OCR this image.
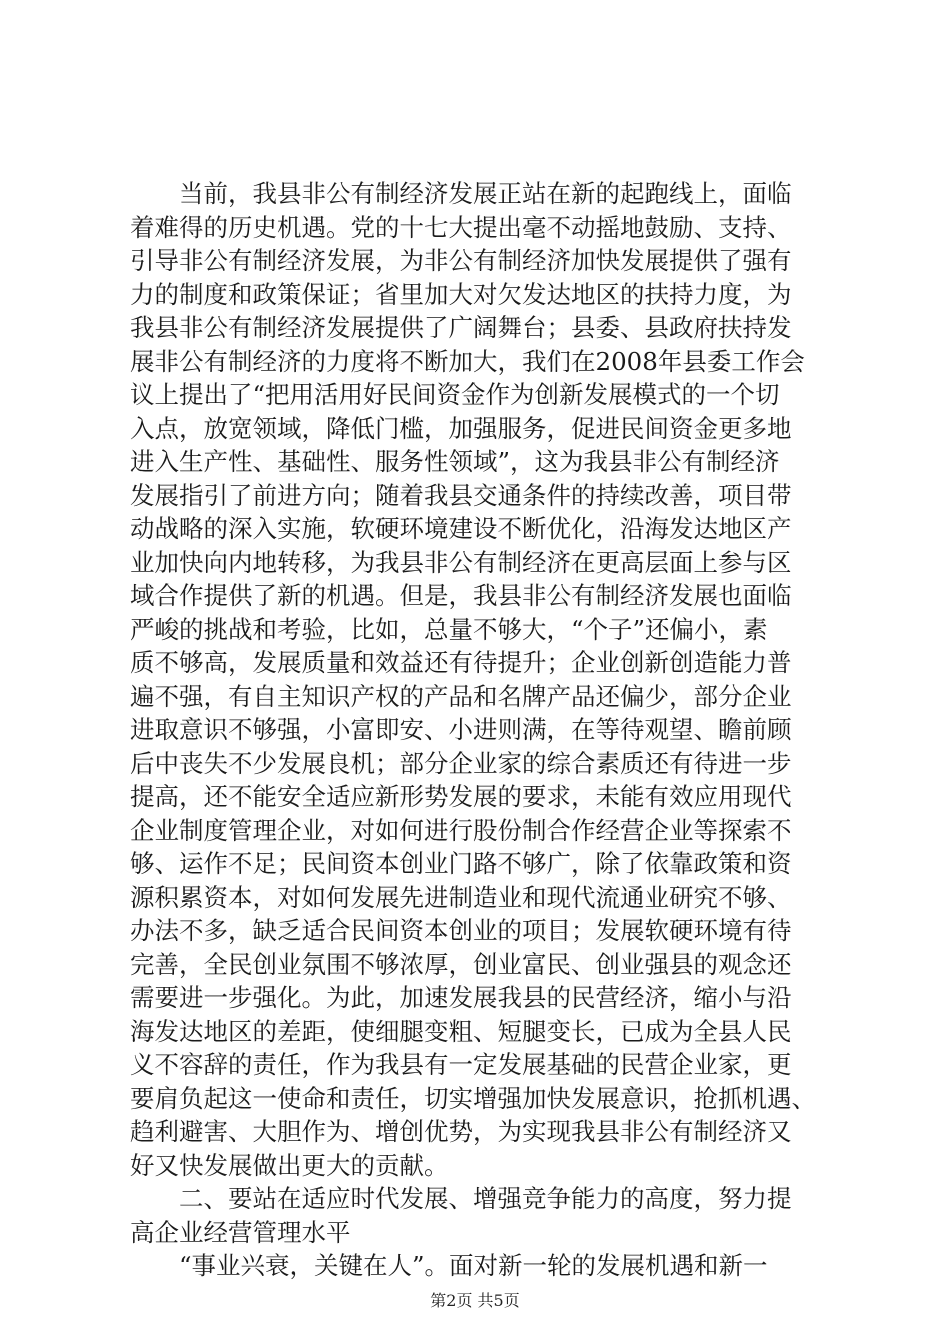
　　当前，我县非公有制经济发展正站在新的起跑线上，面临
着难得的历史机遇。党的十七大提出毫不动摇地鼓励、支持、
引导非公有制经济发展，为非公有制经济加快发展提供了强有
力的制度和政策保证；省里加大对欠发达地区的扶持力度，为
我县非公有制经济发展提供了广阔舞台；县委、县政府扶持发
展非公有制经济的力度将不断加大，我们在2008年县委工作会
议上提出了“把用活用好民间资金作为创新发展模式的一个切
入点，放宽领域，降低门槛，加强服务，促进民间资金更多地
进入生产性、基础性、服务性领域”，这为我县非公有制经济
发展指引了前进方向；随着我县交通条件的持续改善，项目带
动战略的深入实施，软硬环境建设不断优化，沿海发达地区产
业加快向内地转移，为我县非公有制经济在更高层面上参与区
域合作提供了新的机遇。但是，我县非公有制经济发展也面临
严峻的挑战和考验，比如，总量不够大，“个子”还偏小，素
质不够高，发展质量和效益还有待提升；企业创新创造能力普
遍不强，有自主知识产权的产品和名牌产品还偏少，部分企业
进取意识不够强，小富即安、小进则满，在等待观望、瞻前顾
后中丧失不少发展良机；部分企业家的综合素质还有待进一步
提高，还不能安全适应新形势发展的要求，未能有效应用现代
企业制度管理企业，对如何进行股份制合作经营企业等探索不
够、运作不足；民间资本创业门路不够广，除了依靠政策和资
源积累资本，对如何发展先进制造业和现代流通业研究不够、
办法不多，缺乏适合民间资本创业的项目；发展软硬环境有待
完善，全民创业氛围不够浓厚，创业富民、创业强县的观念还
需要进一步强化。为此，加速发展我县的民营经济，缩小与沿
海发达地区的差距，使细腿变粗、短腿变长，已成为全县人民
义不容辞的责任，作为我县有一定发展基础的民营企业家，更
要肩负起这一使命和责任，切实增强加快发展意识，抢抓机遇、
趋利避害、大胆作为、增创优势，为实现我县非公有制经济又
好又快发展做出更大的贡献。
　　二、要站在适应时代发展、增强竞争能力的高度，努力提
高企业经营管理水平
　　“事业兴衰，关键在人”。面对新一轮的发展机遇和新一
第2页 共5页
